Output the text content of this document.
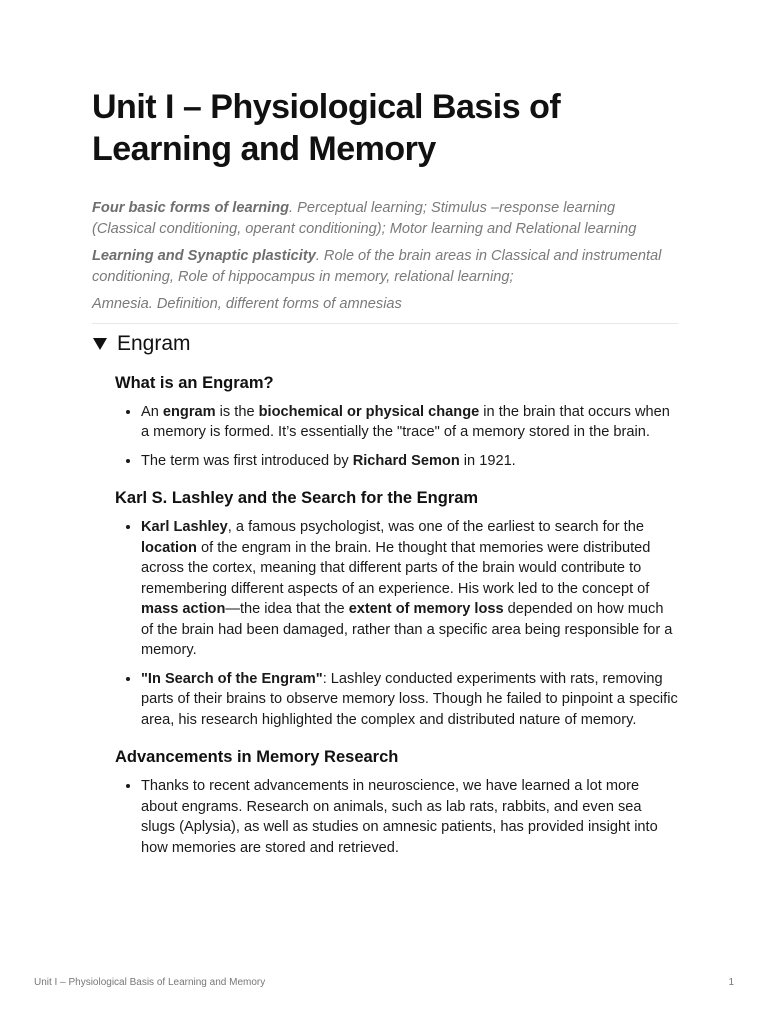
Unit I – Physiological Basis of Learning and Memory

Four basic forms of learning. Perceptual learning; Stimulus –response learning (Classical conditioning, operant conditioning); Motor learning and Relational learning

Learning and Synaptic plasticity. Role of the brain areas in Classical and instrumental conditioning, Role of hippocampus in memory, relational learning;

Amnesia. Definition, different forms of amnesias

Engram
What is an Engram?
• An engram is the biochemical or physical change in the brain that occurs when a memory is formed. It’s essentially the "trace" of a memory stored in the brain.
• The term was first introduced by Richard Semon in 1921.
Karl S. Lashley and the Search for the Engram
• Karl Lashley, a famous psychologist, was one of the earliest to search for the location of the engram in the brain. He thought that memories were distributed across the cortex, meaning that different parts of the brain would contribute to remembering different aspects of an experience. His work led to the concept of mass action—the idea that the extent of memory loss depended on how much of the brain had been damaged, rather than a specific area being responsible for a memory.
• "In Search of the Engram": Lashley conducted experiments with rats, removing parts of their brains to observe memory loss. Though he failed to pinpoint a specific area, his research highlighted the complex and distributed nature of memory.
Advancements in Memory Research
• Thanks to recent advancements in neuroscience, we have learned a lot more about engrams. Research on animals, such as lab rats, rabbits, and even sea slugs (Aplysia), as well as studies on amnesic patients, has provided insight into how memories are stored and retrieved.
Unit I – Physiological Basis of Learning and Memory	1
